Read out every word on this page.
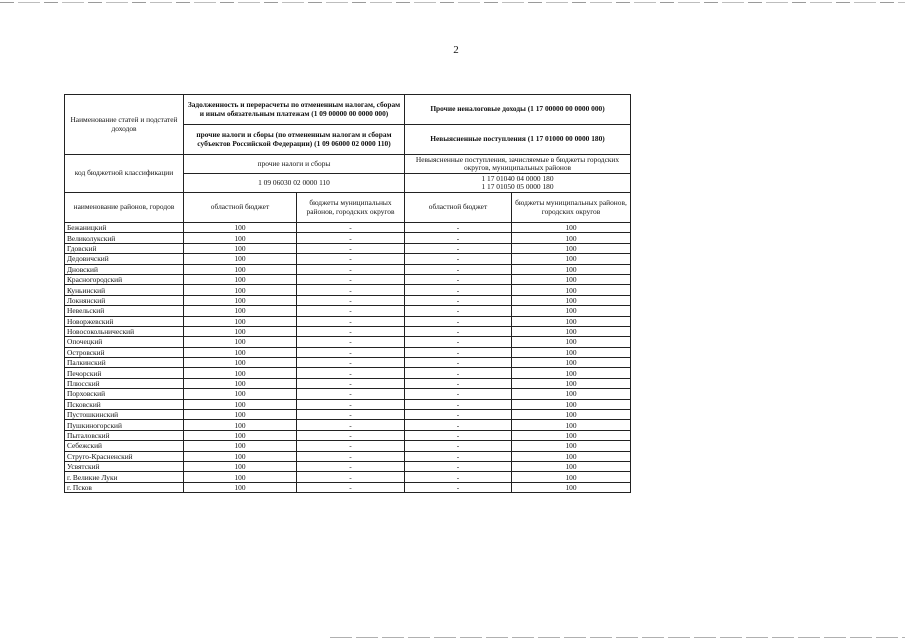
2
Наименование статей и подстатей доходов	Задолженность и перерасчеты по отмененным налогам, сборам и иным обязательным платежам (1 09 00000 00 0000 000)		Прочие неналоговые доходы (1 17 00000 00 0000 000)	
	прочие налоги и сборы (по отмененным налогам и сборам субъектов Российской Федерации) (1 09 06000 02 0000 110)		Невыясненные поступления (1 17 01000 00 0000 180)	
код бюджетной классификации	прочие налоги и сборы		Невыясненные поступления, зачисляемые в бюджеты городских округов, муниципальных районов	
	1 09 06030 02 0000 110		1 17 01040 04 0000 180
1 17 01050 05 0000 180	

наименование районов, городов	областной бюджет	бюджеты муниципальных районов, городских округов	областной бюджет	бюджеты муниципальных районов, городских округов
Бежаницкий	100	-	-	100
Великолукский	100	-	-	100
Гдовский	100	-	-	100
Дедовичский	100	-	-	100
Дновский	100	-	-	100
Красногородский	100	-	-	100
Куньинский	100	-	-	100
Локнянский	100	-	-	100
Невельский	100	-	-	100
Новоржевский	100	-	-	100
Новосокольнический	100	-	-	100
Опочецкий	100	-	-	100
Островский	100	-	-	100
Палкинский	100	-	-	100
Печорский	100	-	-	100
Плюсский	100	-	-	100
Порховский	100	-	-	100
Псковский	100	-	-	100
Пустошкинский	100	-	-	100
Пушкиногорский	100	-	-	100
Пыталовский	100	-	-	100
Себежский	100	-	-	100
Струго-Красненский	100	-	-	100
Усвятский	100	-	-	100
г. Великие Луки	100	-	-	100
г. Псков	100	-	-	100
